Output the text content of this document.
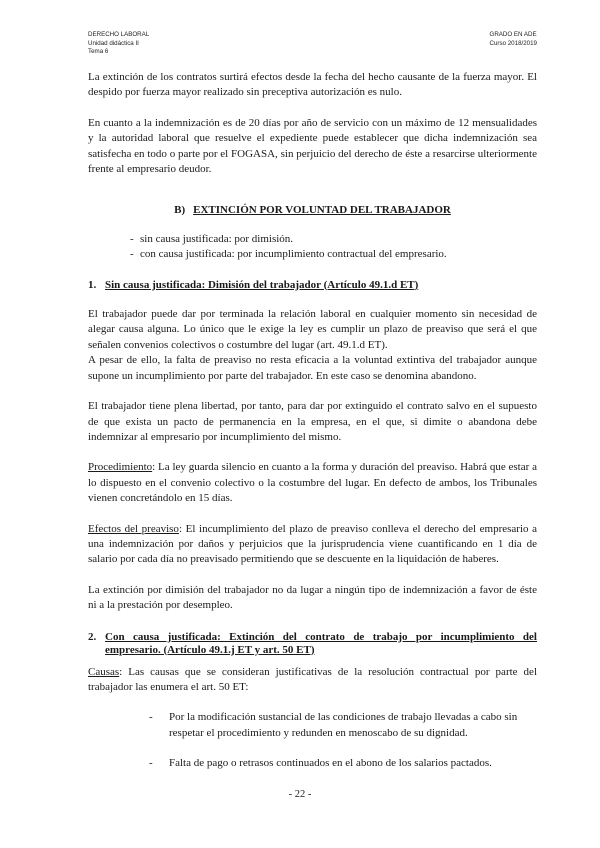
DERECHO LABORAL
Unidad didáctica II
Tema 6
GRADO EN ADE
Curso 2018/2019

La extinción de los contratos surtirá efectos desde la fecha del hecho causante de la fuerza mayor. El despido por fuerza mayor realizado sin preceptiva autorización es nulo.

En cuanto a la indemnización es de 20 días por año de servicio con un máximo de 12 mensualidades y la autoridad laboral que resuelve el expediente puede establecer que dicha indemnización sea satisfecha en todo o parte por el FOGASA, sin perjuicio del derecho de éste a resarcirse ulteriormente frente al empresario deudor.

B) EXTINCIÓN POR VOLUNTAD DEL TRABAJADOR
- sin causa justificada: por dimisión.
- con causa justificada: por incumplimiento contractual del empresario.
1. Sin causa justificada: Dimisión del trabajador (Artículo 49.1.d ET)

El trabajador puede dar por terminada la relación laboral en cualquier momento sin necesidad de alegar causa alguna. Lo único que le exige la ley es cumplir un plazo de preaviso que será el que señalen convenios colectivos o costumbre del lugar (art. 49.1.d ET).

A pesar de ello, la falta de preaviso no resta eficacia a la voluntad extintiva del trabajador aunque supone un incumplimiento por parte del trabajador. En este caso se denomina abandono.

El trabajador tiene plena libertad, por tanto, para dar por extinguido el contrato salvo en el supuesto de que exista un pacto de permanencia en la empresa, en el que, si dimite o abandona debe indemnizar al empresario por incumplimiento del mismo.

Procedimiento: La ley guarda silencio en cuanto a la forma y duración del preaviso. Habrá que estar a lo dispuesto en el convenio colectivo o la costumbre del lugar. En defecto de ambos, los Tribunales vienen concretándolo en 15 días.

Efectos del preaviso: El incumplimiento del plazo de preaviso conlleva el derecho del empresario a una indemnización por daños y perjuicios que la jurisprudencia viene cuantificando en 1 día de salario por cada día no preavisado permitiendo que se descuente en la liquidación de haberes.

La extinción por dimisión del trabajador no da lugar a ningún tipo de indemnización a favor de éste ni a la prestación por desempleo.

2. Con causa justificada: Extinción del contrato de trabajo por incumplimiento del empresario. (Artículo 49.1.j ET y art. 50 ET)

Causas: Las causas que se consideran justificativas de la resolución contractual por parte del trabajador las enumera el art. 50 ET:

-	Por la modificación sustancial de las condiciones de trabajo llevadas a cabo sin respetar el procedimiento y redunden en menoscabo de su dignidad.
-	Falta de pago o retrasos continuados en el abono de los salarios pactados.
- 22 -
